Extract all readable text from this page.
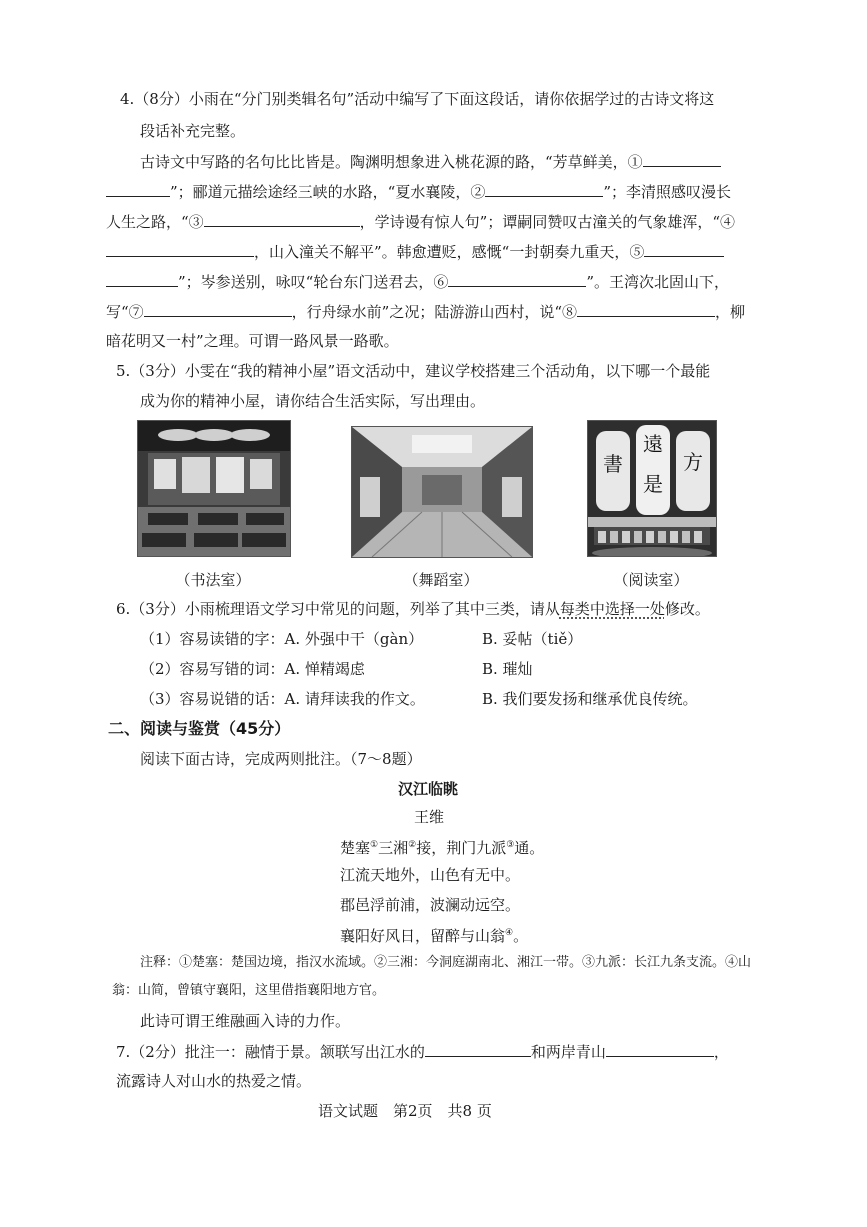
4.（8分）小雨在“分门别类辑名句”活动中编写了下面这段话，请你依据学过的古诗文将这
段话补充完整。
古诗文中写路的名句比比皆是。陶渊明想象进入桃花源的路，“芳草鲜美，①
”；郦道元描绘途经三峡的水路，“夏水襄陵，②	”；李清照感叹漫长
人生之路，“③	，学诗谩有惊人句”；谭嗣同赞叹古潼关的气象雄浑，“④
，山入潼关不解平”。韩愈遭贬，感慨“一封朝奏九重天，⑤
”；岑参送别，咏叹“轮台东门送君去，⑥	”。王湾次北固山下，
写“⑦	，行舟绿水前”之况；陆游游山西村，说“⑧	，柳
暗花明又一村”之理。可谓一路风景一路歌。
5.（3分）小雯在“我的精神小屋”语文活动中，建议学校搭建三个活动角，以下哪一个最能
成为你的精神小屋，请你结合生活实际，写出理由。
書
是
遠
方
（书法室）	（舞蹈室）	（阅读室）
6.（3分）小雨梳理语文学习中常见的问题，列举了其中三类，请从每类中选择一处修改。
（1）容易读错的字：A. 外强中干（gàn）	B. 妥帖（tiě）
（2）容易写错的词：A. 惮精竭虑	B. 璀灿
（3）容易说错的话：A. 请拜读我的作文。	B. 我们要发扬和继承优良传统。
二、阅读与鉴赏（45分）
阅读下面古诗，完成两则批注。（7～8题）
汉江临眺
王维
楚塞①三湘②接，荆门九派③通。
江流天地外，山色有无中。
郡邑浮前浦，波澜动远空。
襄阳好风日，留醉与山翁④。
注释：①楚塞：楚国边境，指汉水流域。②三湘：今洞庭湖南北、湘江一带。③九派：长江九条支流。④山
翁：山简，曾镇守襄阳，这里借指襄阳地方官。
此诗可谓王维融画入诗的力作。
7.（2分）批注一：融情于景。颔联写出江水的	和两岸青山	，
流露诗人对山水的热爱之情。
语文试题　第2页　共8 页
